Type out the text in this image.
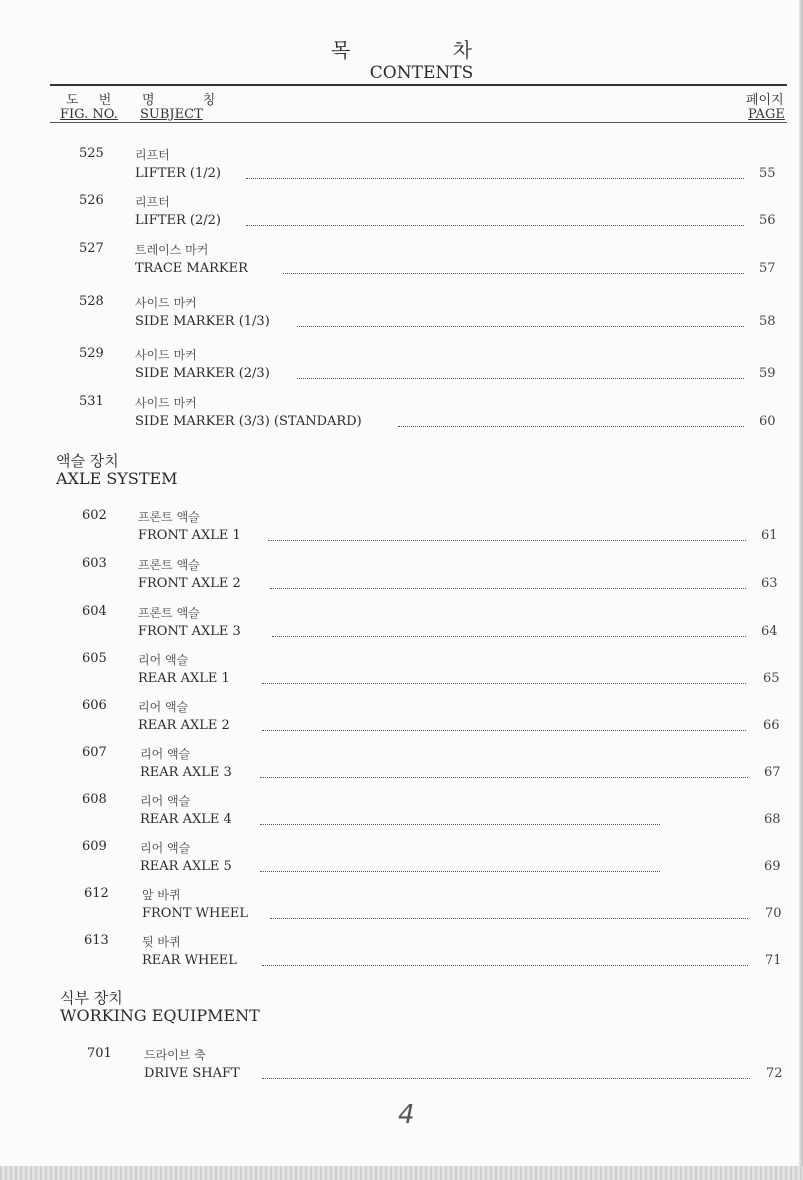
목 차
CONTENTS
도 번 명 칭	페이지
FIG. NO. SUBJECT	PAGE
525	리프터
LIFTER (1/2)	55
526	리프터
LIFTER (2/2)	56
527	트레이스 마커
TRACE MARKER	57
528	사이드 마커
SIDE MARKER (1/3)	58
529	사이드 마커
SIDE MARKER (2/3)	59
531	사이드 마커
SIDE MARKER (3/3) (STANDARD)	60
액슬 장치
AXLE SYSTEM
602	프론트 액슬
FRONT AXLE 1	61
603	프론트 액슬
FRONT AXLE 2	63
604	프론트 액슬
FRONT AXLE 3	64
605	리어 액슬
REAR AXLE 1	65
606	리어 액슬
REAR AXLE 2	66
607	리어 액슬
REAR AXLE 3	67
608	리어 액슬
REAR AXLE 4	68
609	리어 액슬
REAR AXLE 5	69
612	앞 바퀴
FRONT WHEEL	70
613	뒷 바퀴
REAR WHEEL	71
식부 장치
WORKING EQUIPMENT
701	드라이브 축
DRIVE SHAFT	72
4
